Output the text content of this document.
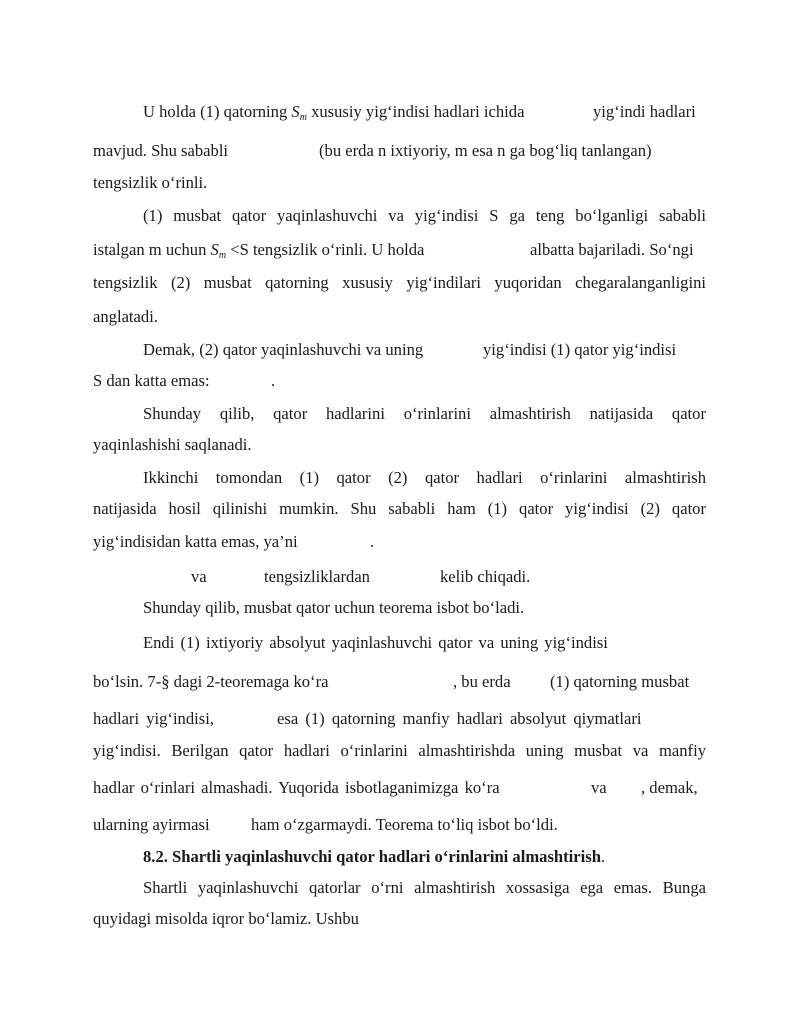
U holda (1) qatorning $S_m$ xususiy yig‘indisi hadlari ichida	yig‘indi hadlari
mavjud. Shu sababli	(bu erda n ixtiyoriy, m esa n ga bog‘liq tanlangan)
tengsizlik o‘rinli.
(1) musbat qator yaqinlashuvchi va yig‘indisi S ga teng bo‘lganligi sababli
istalgan m uchun $S_m <S$ tengsizlik o‘rinli. U holda	albatta bajariladi. So‘ngi
tengsizlik (2) musbat qatorning xususiy yig‘indilari yuqoridan chegaralanganligini
anglatadi.
Demak, (2) qator yaqinlashuvchi va uning	yig‘indisi (1) qator yig‘indisi
S dan katta emas:	.
Shunday qilib, qator hadlarini o‘rinlarini almashtirish natijasida qator
yaqinlashishi saqlanadi.
Ikkinchi tomondan (1) qator (2) qator hadlari o‘rinlarini almashtirish
natijasida hosil qilinishi mumkin. Shu sababli ham (1) qator yig‘indisi (2) qator
yig‘indisidan katta emas, ya’ni	.
va	tengsizliklardan	kelib chiqadi.
Shunday qilib, musbat qator uchun teorema isbot bo‘ladi.
Endi (1) ixtiyoriy absolyut yaqinlashuvchi qator va uning yig‘indisi
bo‘lsin. 7-§ dagi 2-teoremaga ko‘ra	, bu erda (1) qatorning musbat
hadlari yig‘indisi,	esa (1) qatorning manfiy hadlari absolyut qiymatlari
yig‘indisi. Berilgan qator hadlari o‘rinlarini almashtirishda uning musbat va manfiy
hadlar o‘rinlari almashadi. Yuqorida isbotlaganimizga ko‘ra	va , demak,
ularning ayirmasi ham o‘zgarmaydi. Teorema to‘liq isbot bo‘ldi.
8.2. Shartli yaqinlashuvchi qator hadlari o‘rinlarini almashtirish.
Shartli yaqinlashuvchi qatorlar o‘rni almashtirish xossasiga ega emas. Bunga
quyidagi misolda iqror bo‘lamiz. Ushbu
